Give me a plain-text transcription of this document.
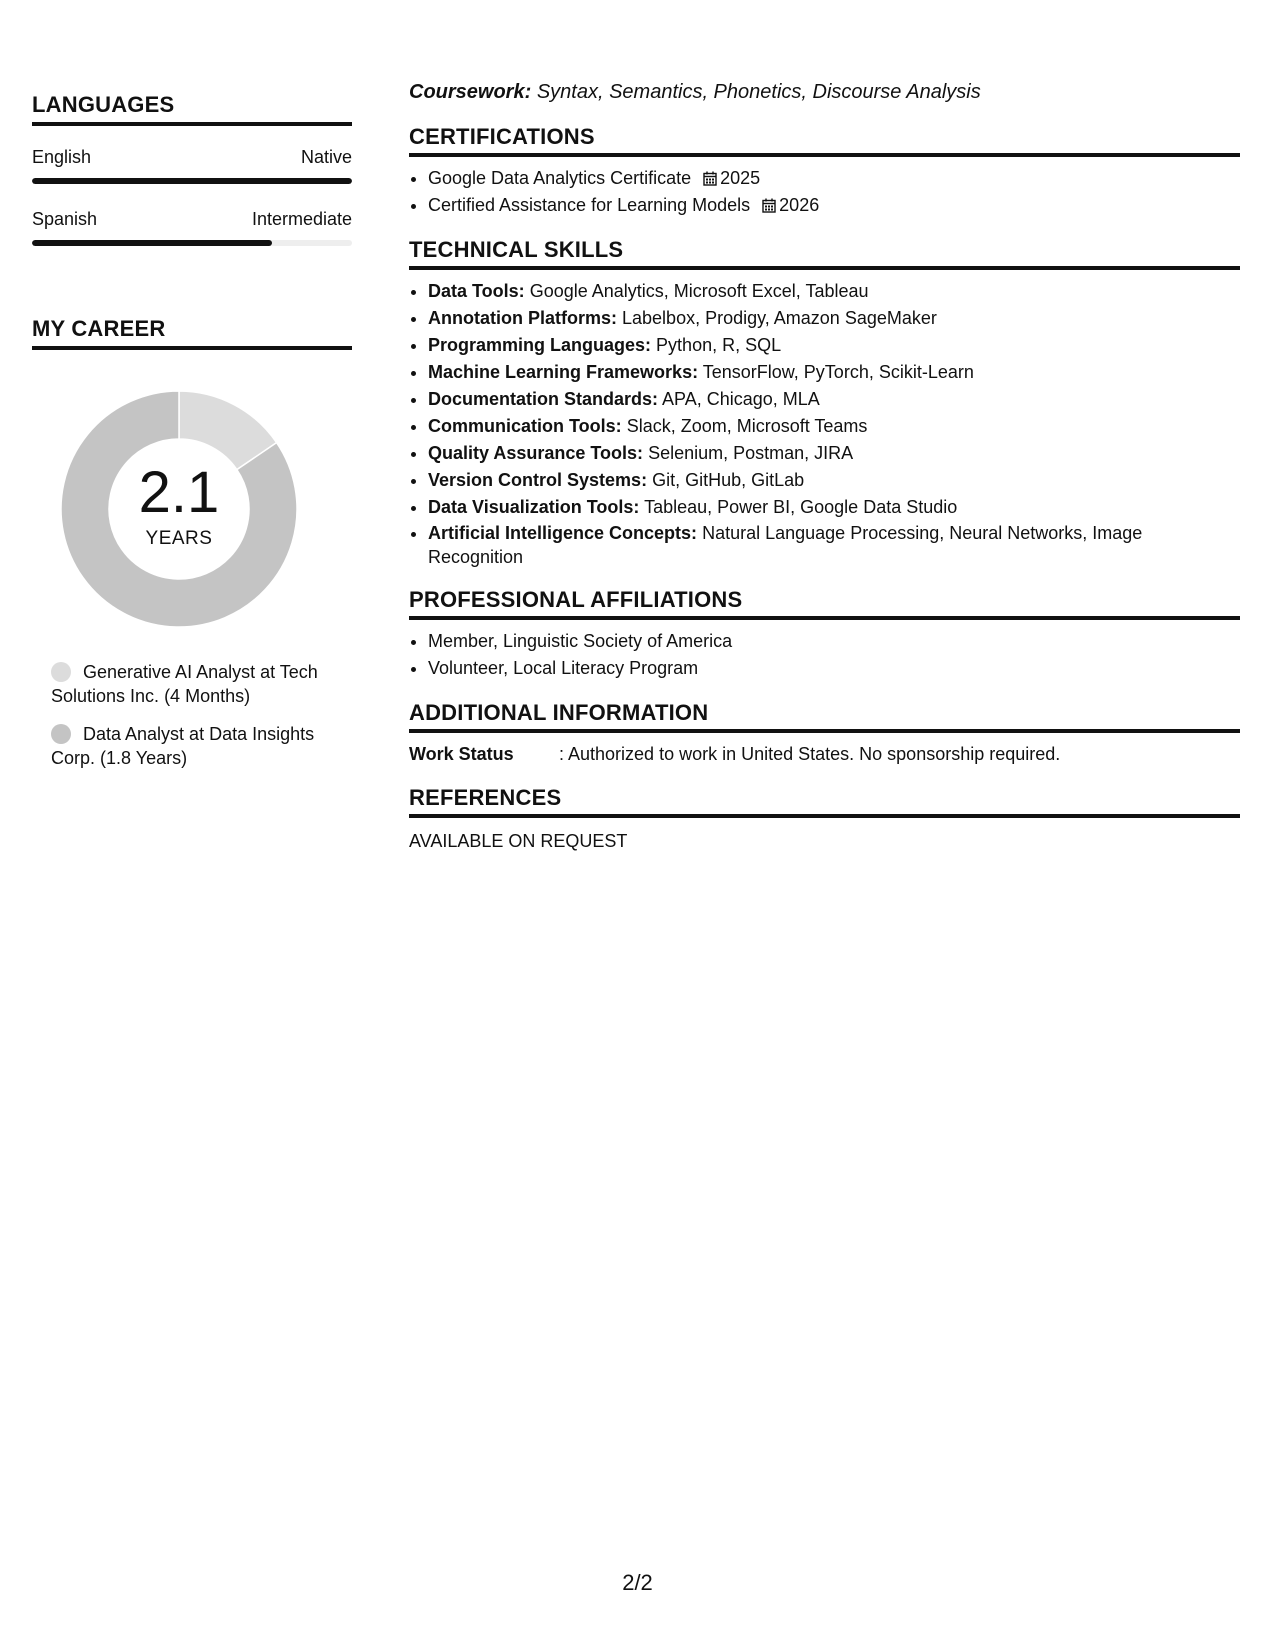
LANGUAGES
English	Native
Spanish	Intermediate
MY CAREER
2.1
YEARS
Generative AI Analyst at Tech Solutions Inc. (4 Months)
Data Analyst at Data Insights Corp. (1.8 Years)
Coursework: Syntax, Semantics, Phonetics, Discourse Analysis
CERTIFICATIONS
• Google Data Analytics Certificate 2025
• Certified Assistance for Learning Models 2026
TECHNICAL SKILLS
• Data Tools: Google Analytics, Microsoft Excel, Tableau
• Annotation Platforms: Labelbox, Prodigy, Amazon SageMaker
• Programming Languages: Python, R, SQL
• Machine Learning Frameworks: TensorFlow, PyTorch, Scikit-Learn
• Documentation Standards: APA, Chicago, MLA
• Communication Tools: Slack, Zoom, Microsoft Teams
• Quality Assurance Tools: Selenium, Postman, JIRA
• Version Control Systems: Git, GitHub, GitLab
• Data Visualization Tools: Tableau, Power BI, Google Data Studio
• Artificial Intelligence Concepts: Natural Language Processing, Neural Networks, Image Recognition
PROFESSIONAL AFFILIATIONS
• Member, Linguistic Society of America
• Volunteer, Local Literacy Program
ADDITIONAL INFORMATION
Work Status	: Authorized to work in United States. No sponsorship required.
REFERENCES
AVAILABLE ON REQUEST
2/2
